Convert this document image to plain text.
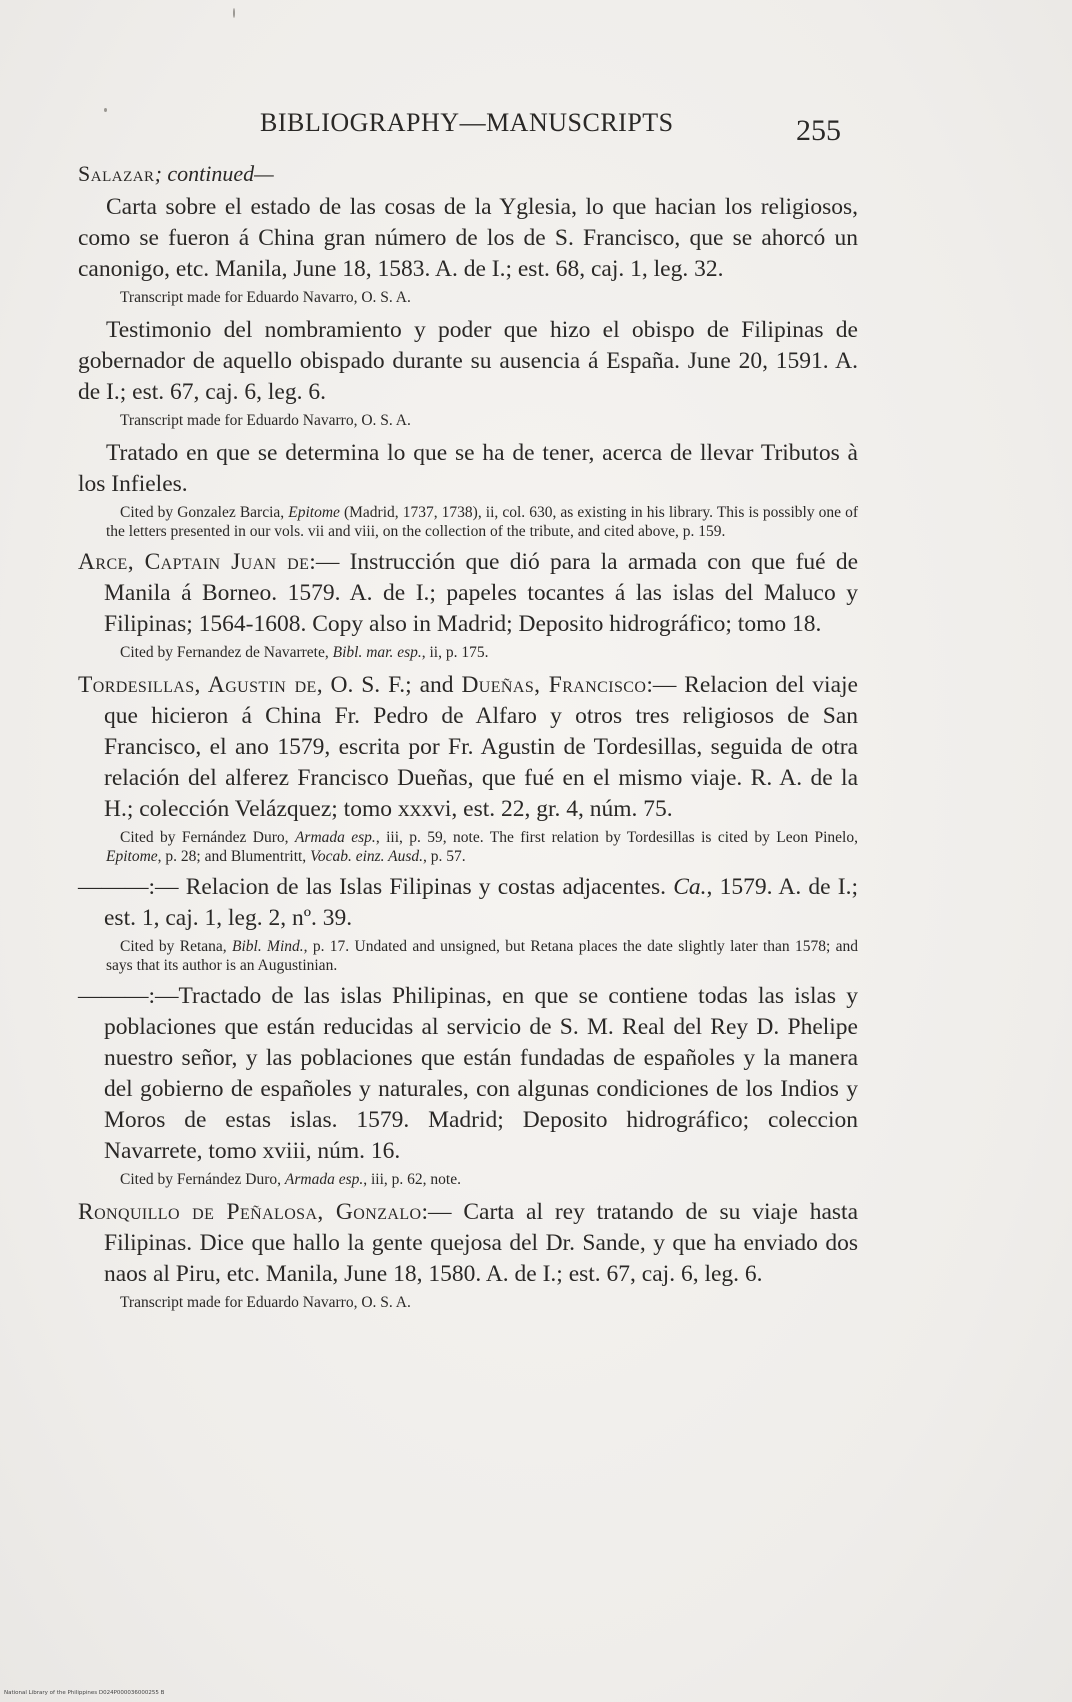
BIBLIOGRAPHY—MANUSCRIPTS	255

Salazar; continued—

Carta sobre el estado de las cosas de la Yglesia, lo que hacian los religiosos, como se fueron á China gran número de los de S. Francisco, que se ahorcó un canonigo, etc. Manila, June 18, 1583. A. de I.; est. 68, caj. 1, leg. 32.

Transcript made for Eduardo Navarro, O. S. A.

Testimonio del nombramiento y poder que hizo el obispo de Filipinas de gobernador de aquello obispado durante su ausencia á España. June 20, 1591. A. de I.; est. 67, caj. 6, leg. 6.

Transcript made for Eduardo Navarro, O. S. A.

Tratado en que se determina lo que se ha de tener, acerca de llevar Tributos à los Infieles.

Cited by Gonzalez Barcia, Epitome (Madrid, 1737, 1738), ii, col. 630, as existing in his library. This is possibly one of the letters presented in our vols. vii and viii, on the collection of the tribute, and cited above, p. 159.

Arce, Captain Juan de:— Instrucción que dió para la armada con que fué de Manila á Borneo. 1579. A. de I.; papeles tocantes á las islas del Maluco y Filipinas; 1564-1608. Copy also in Madrid; Deposito hidrográfico; tomo 18.

Cited by Fernandez de Navarrete, Bibl. mar. esp., ii, p. 175.

Tordesillas, Agustin de, O. S. F.; and Dueñas, Francisco:— Relacion del viaje que hicieron á China Fr. Pedro de Alfaro y otros tres religiosos de San Francisco, el ano 1579, escrita por Fr. Agustin de Tordesillas, seguida de otra relación del alferez Francisco Dueñas, que fué en el mismo viaje. R. A. de la H.; colección Velázquez; tomo xxxvi, est. 22, gr. 4, núm. 75.

Cited by Fernández Duro, Armada esp., iii, p. 59, note. The first relation by Tordesillas is cited by Leon Pinelo, Epitome, p. 28; and Blumentritt, Vocab. einz. Ausd., p. 57.

———:— Relacion de las Islas Filipinas y costas adjacentes. Ca., 1579. A. de I.; est. 1, caj. 1, leg. 2, nº. 39.

Cited by Retana, Bibl. Mind., p. 17. Undated and unsigned, but Retana places the date slightly later than 1578; and says that its author is an Augustinian.

———:—Tractado de las islas Philipinas, en que se contiene todas las islas y poblaciones que están reducidas al servicio de S. M. Real del Rey D. Phelipe nuestro señor, y las poblaciones que están fundadas de españoles y la manera del gobierno de españoles y naturales, con algunas condiciones de los Indios y Moros de estas islas. 1579. Madrid; Deposito hidrográfico; coleccion Navarrete, tomo xviii, núm. 16.

Cited by Fernández Duro, Armada esp., iii, p. 62, note.

Ronquillo de Peñalosa, Gonzalo:— Carta al rey tratando de su viaje hasta Filipinas. Dice que hallo la gente quejosa del Dr. Sande, y que ha enviado dos naos al Piru, etc. Manila, June 18, 1580. A. de I.; est. 67, caj. 6, leg. 6.

Transcript made for Eduardo Navarro, O. S. A.

National Library of the Philippines D024P000036000255 B
